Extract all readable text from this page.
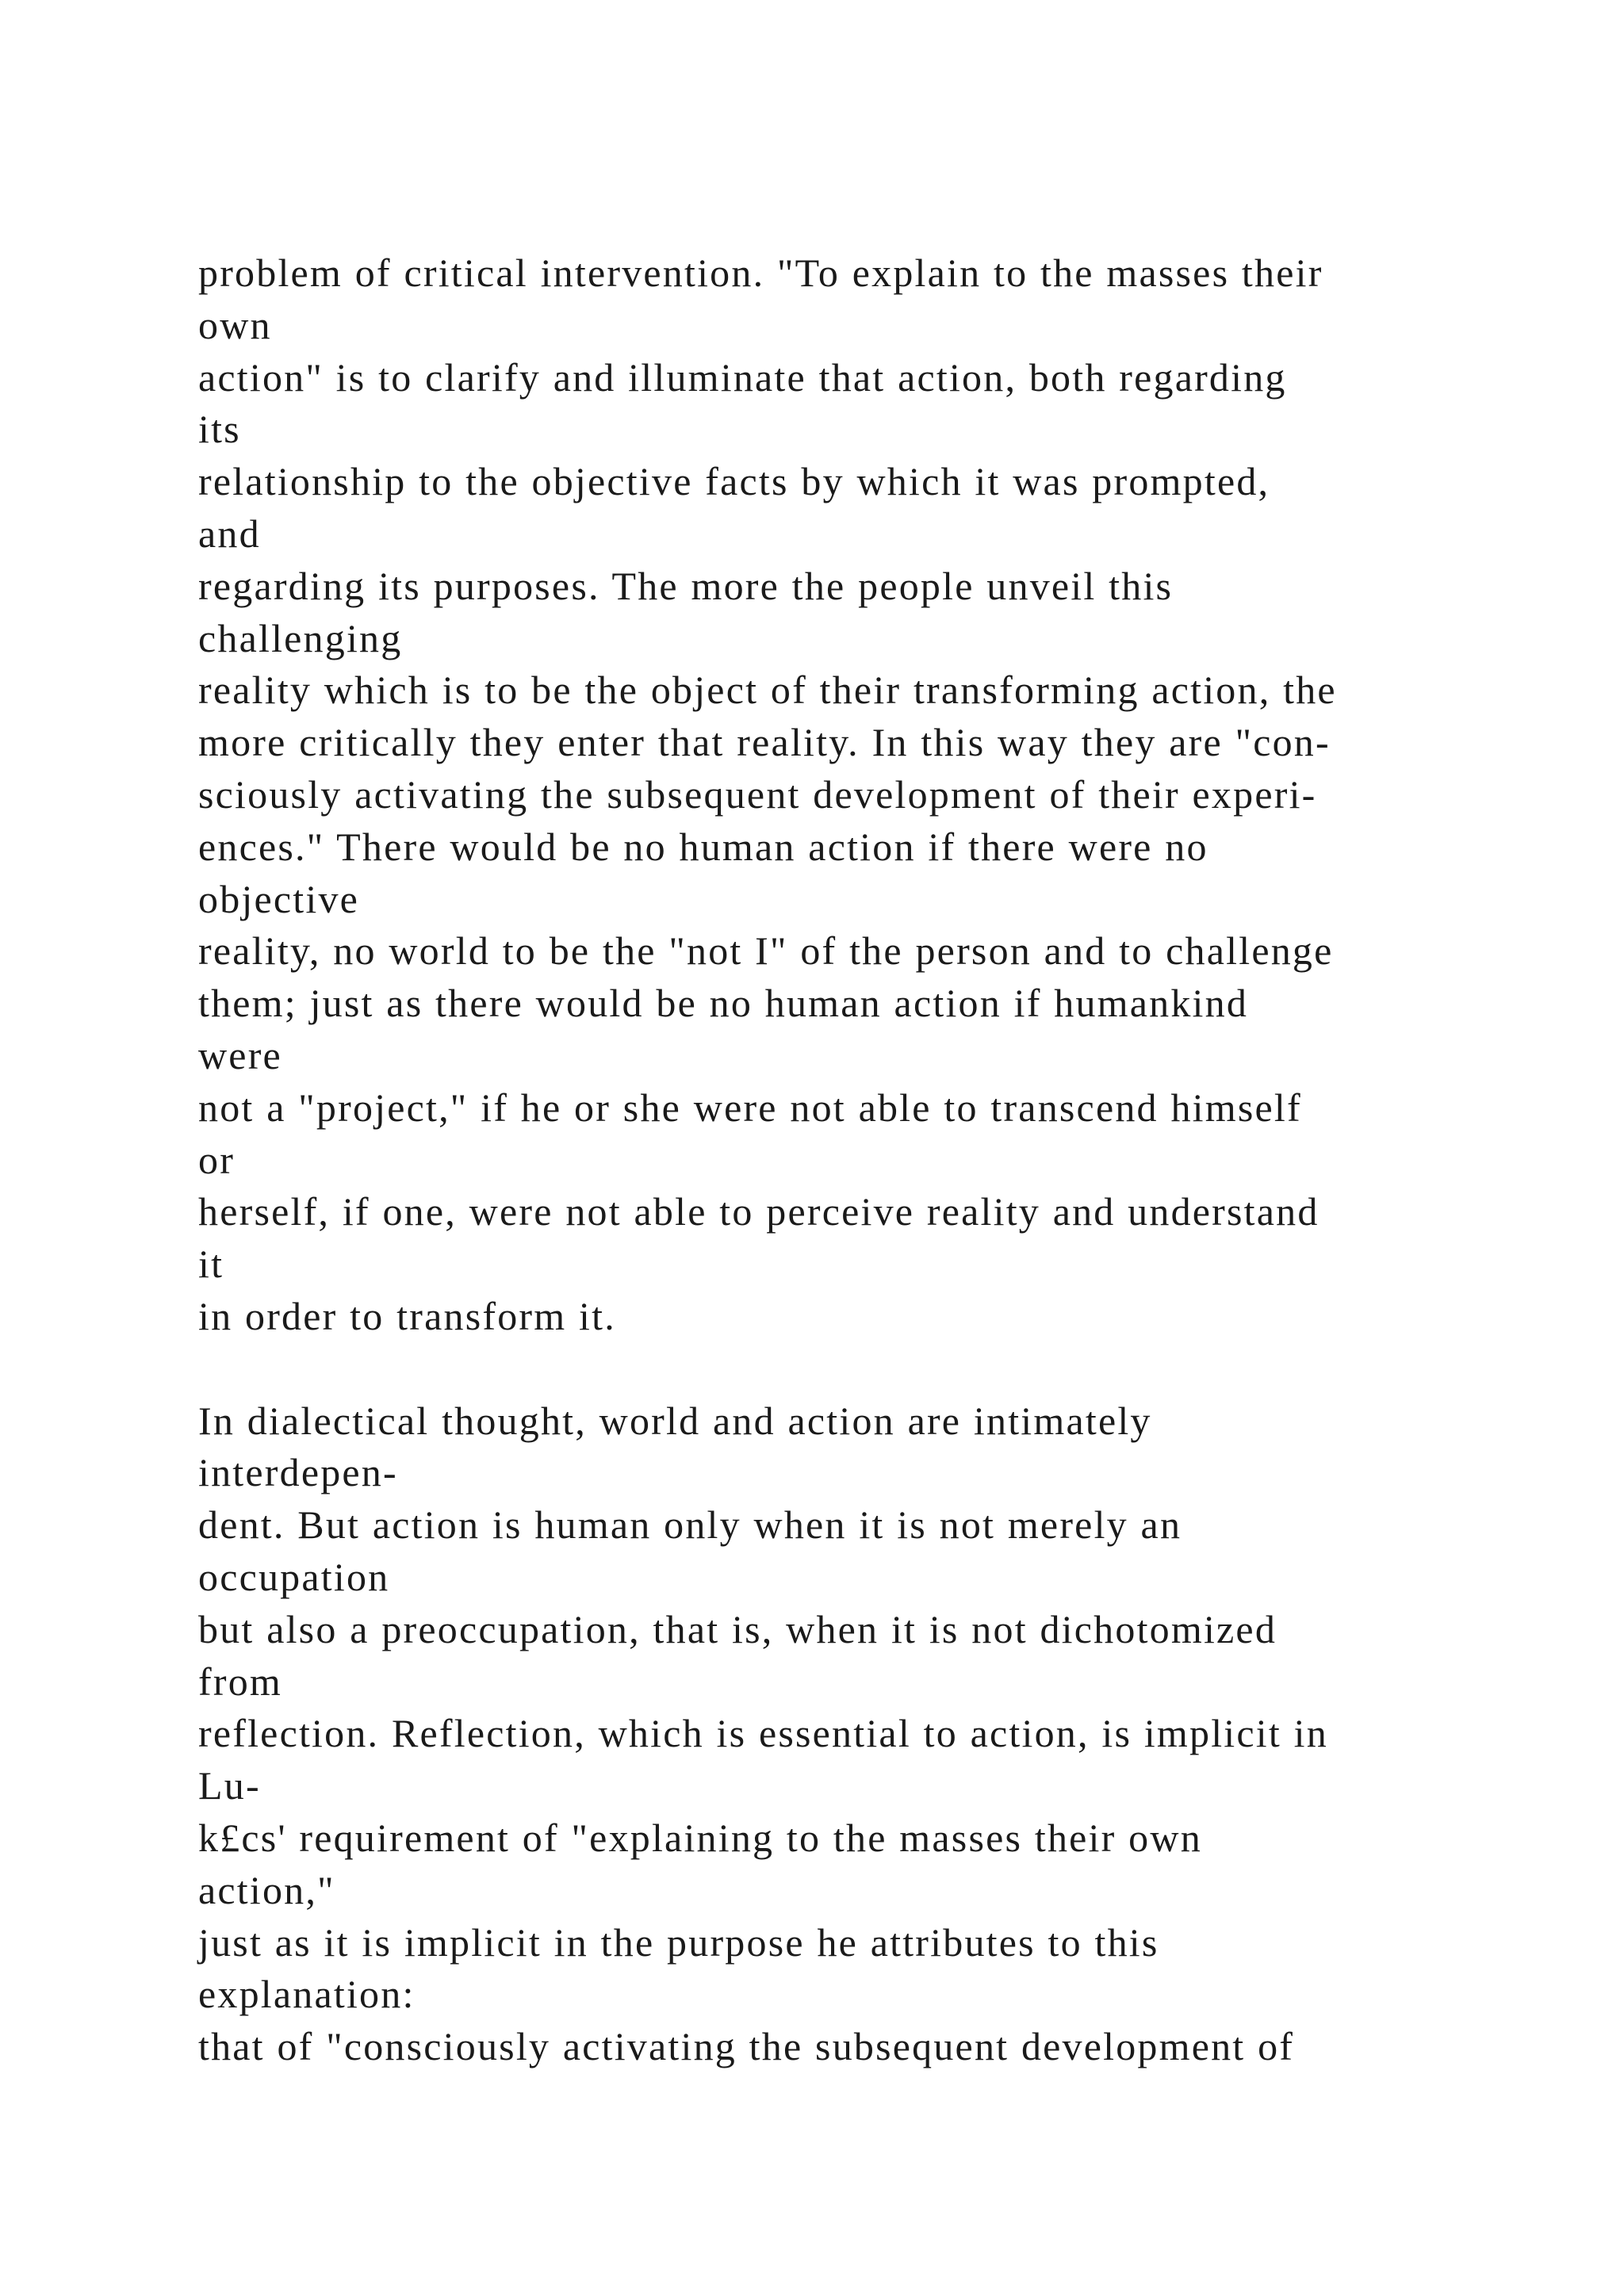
problem of critical intervention. "To explain to the masses their
own
action" is to clarify and illuminate that action, both regarding
its
relationship to the objective facts by which it was prompted,
and
regarding its purposes. The more the people unveil this
challenging
reality which is to be the object of their transforming action, the
more critically they enter that reality. In this way they are "con-
sciously activating the subsequent development of their experi-
ences." There would be no human action if there were no
objective
reality, no world to be the "not I" of the person and to challenge
them; just as there would be no human action if humankind
were
not a "project," if he or she were not able to transcend himself
or
herself, if one, were not able to perceive reality and understand
it
in order to transform it.
In dialectical thought, world and action are intimately
interdepen-
dent. But action is human only when it is not merely an
occupation
but also a preoccupation, that is, when it is not dichotomized
from
reflection. Reflection, which is essential to action, is implicit in
Lu-
k£cs' requirement of "explaining to the masses their own
action,"
just as it is implicit in the purpose he attributes to this
explanation:
that of "consciously activating the subsequent development of
